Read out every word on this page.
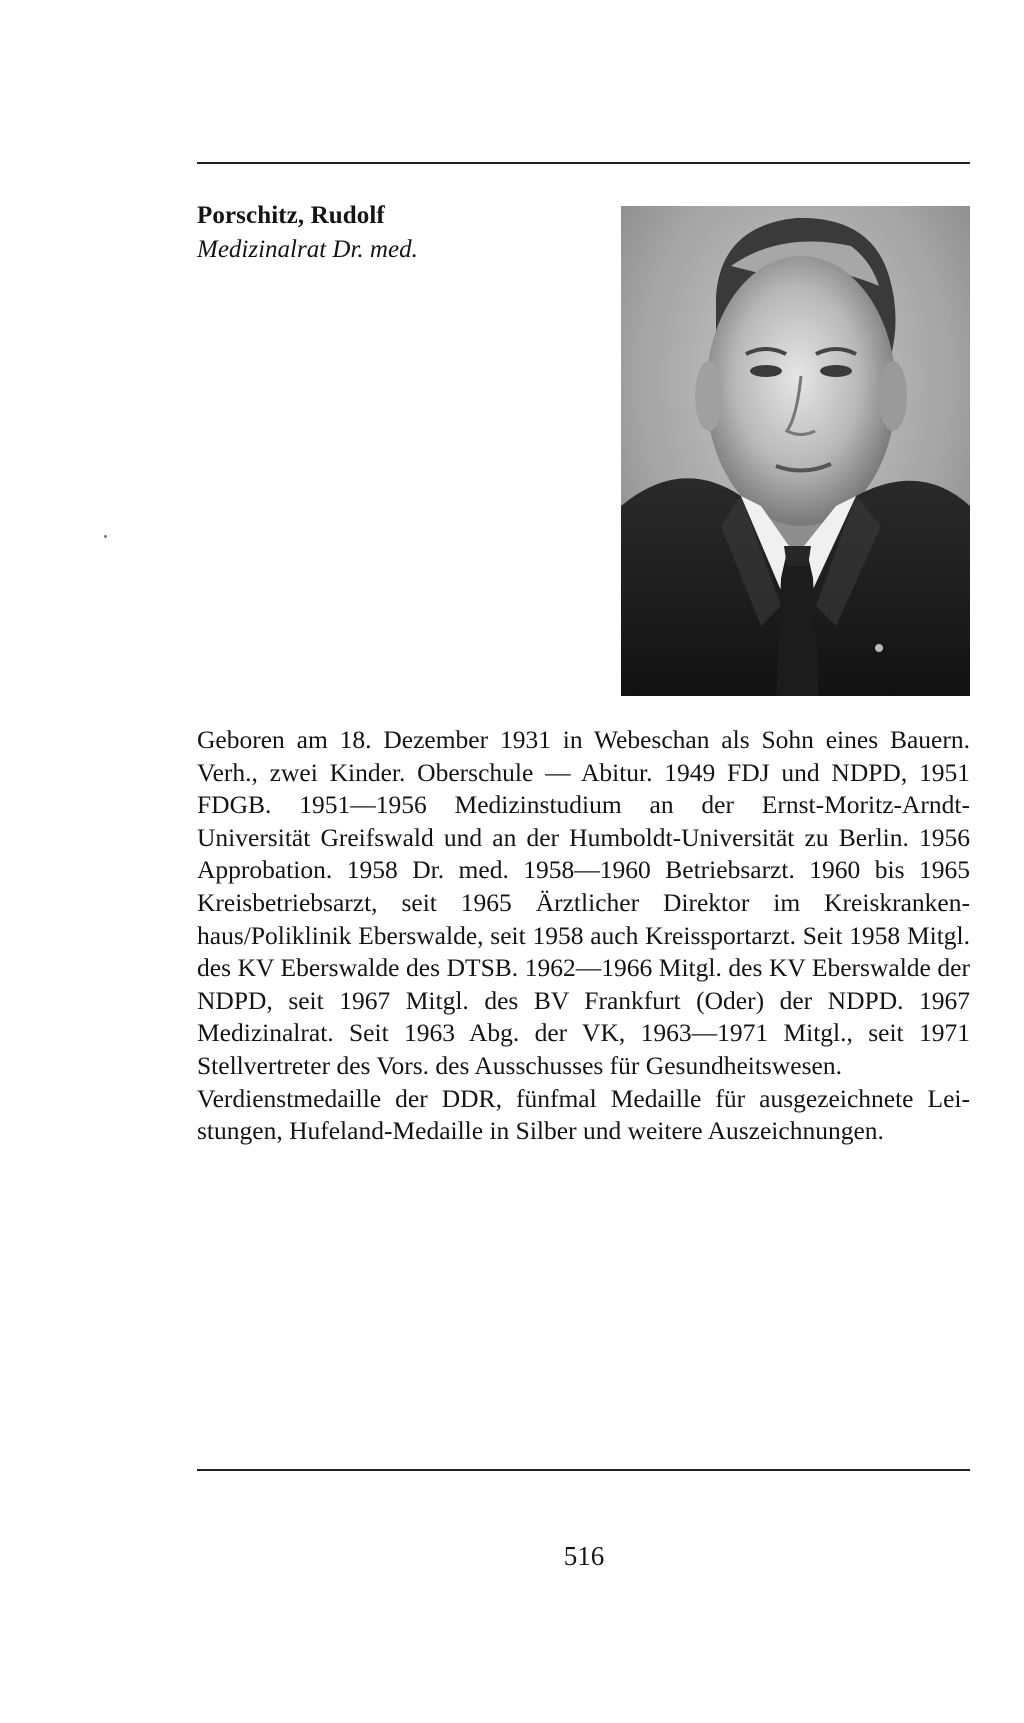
Porschitz, Rudolf
Medizinalrat Dr. med.

Geboren am 18. Dezember 1931 in Webeschan als Sohn eines Bauern. Verh., zwei Kinder. Oberschule — Abitur. 1949 FDJ und NDPD, 1951 FDGB. 1951—1956 Medizinstudium an der Ernst-Moritz-Arndt-Universität Greifswald und an der Humboldt-Universität zu Berlin. 1956 Approbation. 1958 Dr. med. 1958—1960 Betriebsarzt. 1960 bis 1965 Kreisbetriebsarzt, seit 1965 Ärztlicher Direktor im Kreiskrankenhaus/Poliklinik Eberswalde, seit 1958 auch Kreissportarzt. Seit 1958 Mitgl. des KV Eberswalde des DTSB. 1962—1966 Mitgl. des KV Eberswalde der NDPD, seit 1967 Mitgl. des BV Frankfurt (Oder) der NDPD. 1967 Medizinalrat. Seit 1963 Abg. der VK, 1963—1971 Mitgl., seit 1971 Stellvertreter des Vors. des Ausschusses für Gesundheitswesen.

Verdienstmedaille der DDR, fünfmal Medaille für ausgezeichnete Leistungen, Hufeland-Medaille in Silber und weitere Auszeichnungen.

516
